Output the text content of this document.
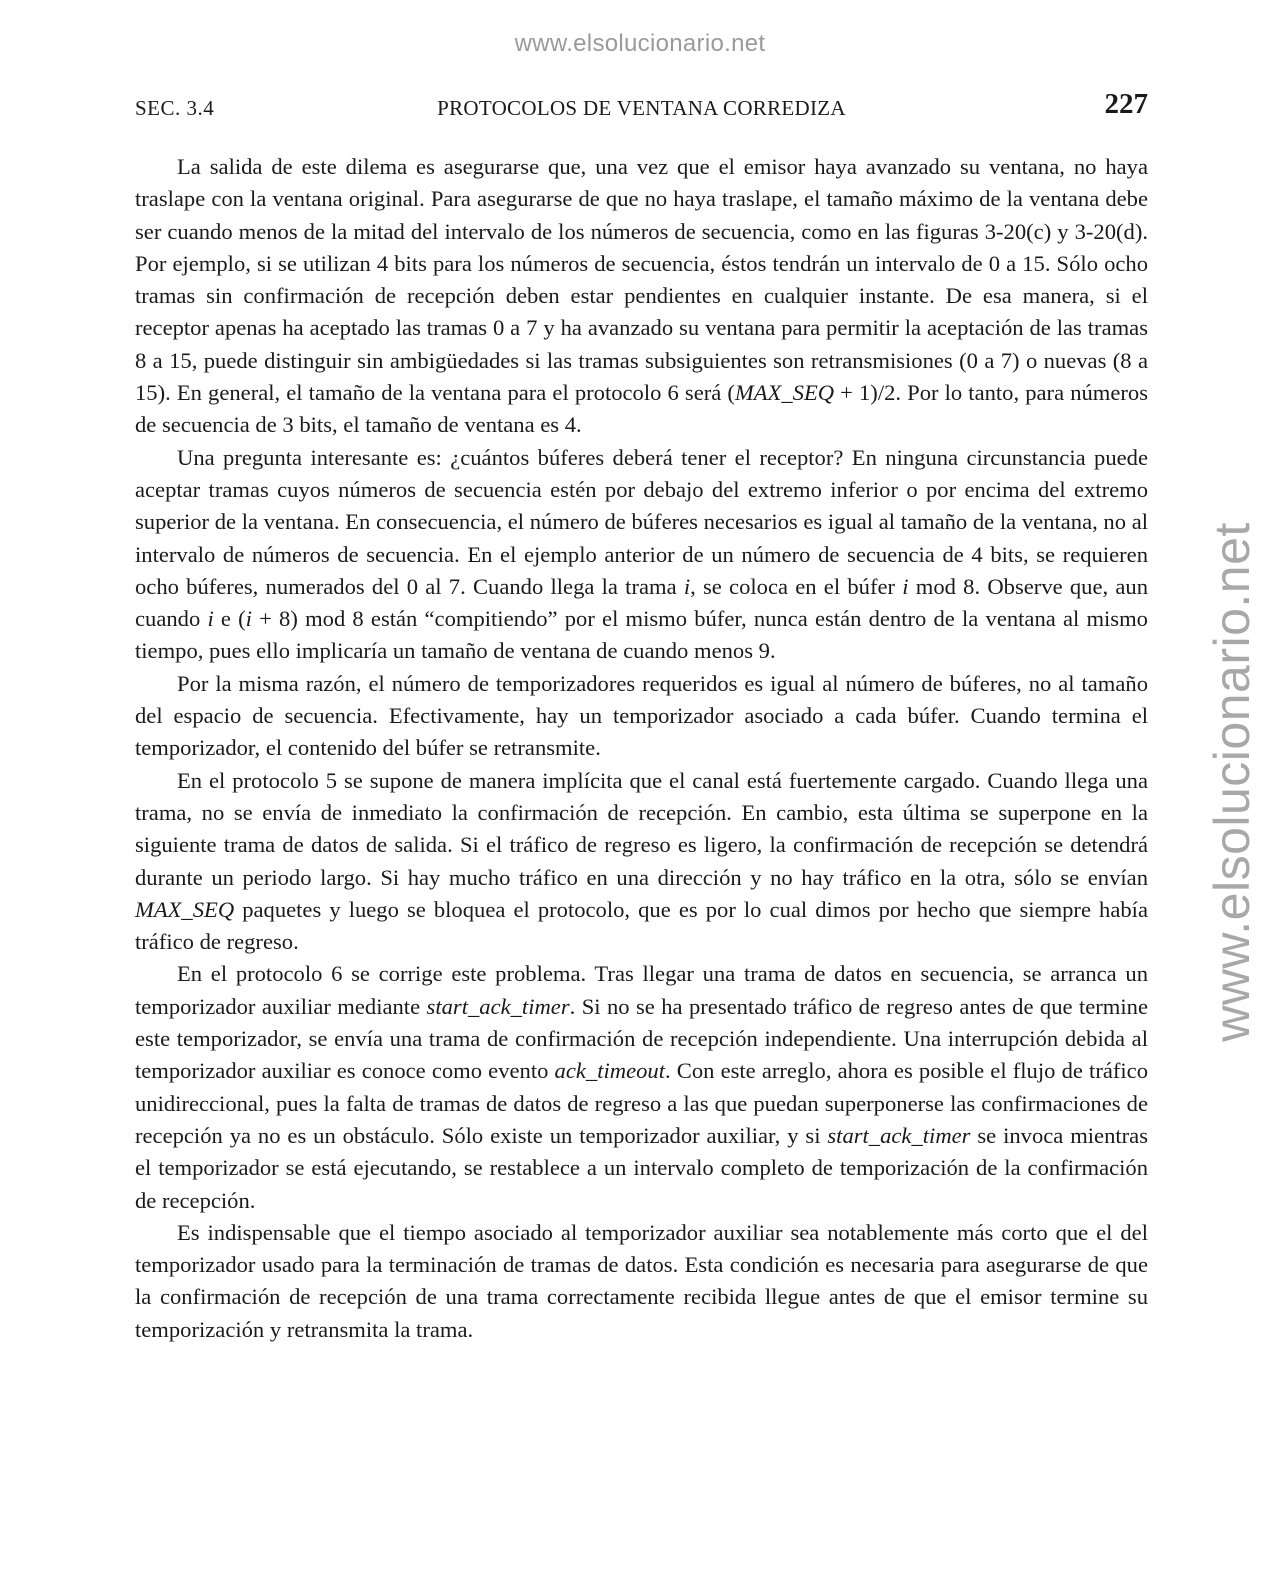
www.elsolucionario.net
www.elsolucionario.net
SEC. 3.4	PROTOCOLOS DE VENTANA CORREDIZA	227

La salida de este dilema es asegurarse que, una vez que el emisor haya avanzado su ventana, no haya traslape con la ventana original. Para asegurarse de que no haya traslape, el tamaño máximo de la ventana debe ser cuando menos de la mitad del intervalo de los números de secuencia, como en las figuras 3-20(c) y 3-20(d). Por ejemplo, si se utilizan 4 bits para los números de secuencia, éstos tendrán un intervalo de 0 a 15. Sólo ocho tramas sin confirmación de recepción deben estar pendientes en cualquier instante. De esa manera, si el receptor apenas ha aceptado las tramas 0 a 7 y ha avanzado su ventana para permitir la aceptación de las tramas 8 a 15, puede distinguir sin ambigüedades si las tramas subsiguientes son retransmisiones (0 a 7) o nuevas (8 a 15). En general, el tamaño de la ventana para el protocolo 6 será (MAX_SEQ + 1)/2. Por lo tanto, para números de secuencia de 3 bits, el tamaño de ventana es 4.

Una pregunta interesante es: ¿cuántos búferes deberá tener el receptor? En ninguna circunstancia puede aceptar tramas cuyos números de secuencia estén por debajo del extremo inferior o por encima del extremo superior de la ventana. En consecuencia, el número de búferes necesarios es igual al tamaño de la ventana, no al intervalo de números de secuencia. En el ejemplo anterior de un número de secuencia de 4 bits, se requieren ocho búferes, numerados del 0 al 7. Cuando llega la trama i, se coloca en el búfer i mod 8. Observe que, aun cuando i e (i + 8) mod 8 están “compitiendo” por el mismo búfer, nunca están dentro de la ventana al mismo tiempo, pues ello implicaría un tamaño de ventana de cuando menos 9.

Por la misma razón, el número de temporizadores requeridos es igual al número de búferes, no al tamaño del espacio de secuencia. Efectivamente, hay un temporizador asociado a cada búfer. Cuando termina el temporizador, el contenido del búfer se retransmite.

En el protocolo 5 se supone de manera implícita que el canal está fuertemente cargado. Cuando llega una trama, no se envía de inmediato la confirmación de recepción. En cambio, esta última se superpone en la siguiente trama de datos de salida. Si el tráfico de regreso es ligero, la confirmación de recepción se detendrá durante un periodo largo. Si hay mucho tráfico en una dirección y no hay tráfico en la otra, sólo se envían MAX_SEQ paquetes y luego se bloquea el protocolo, que es por lo cual dimos por hecho que siempre había tráfico de regreso.

En el protocolo 6 se corrige este problema. Tras llegar una trama de datos en secuencia, se arranca un temporizador auxiliar mediante start_ack_timer. Si no se ha presentado tráfico de regreso antes de que termine este temporizador, se envía una trama de confirmación de recepción independiente. Una interrupción debida al temporizador auxiliar es conoce como evento ack_timeout. Con este arreglo, ahora es posible el flujo de tráfico unidireccional, pues la falta de tramas de datos de regreso a las que puedan superponerse las confirmaciones de recepción ya no es un obstáculo. Sólo existe un temporizador auxiliar, y si start_ack_timer se invoca mientras el temporizador se está ejecutando, se restablece a un intervalo completo de temporización de la confirmación de recepción.

Es indispensable que el tiempo asociado al temporizador auxiliar sea notablemente más corto que el del temporizador usado para la terminación de tramas de datos. Esta condición es necesaria para asegurarse de que la confirmación de recepción de una trama correctamente recibida llegue antes de que el emisor termine su temporización y retransmita la trama.
